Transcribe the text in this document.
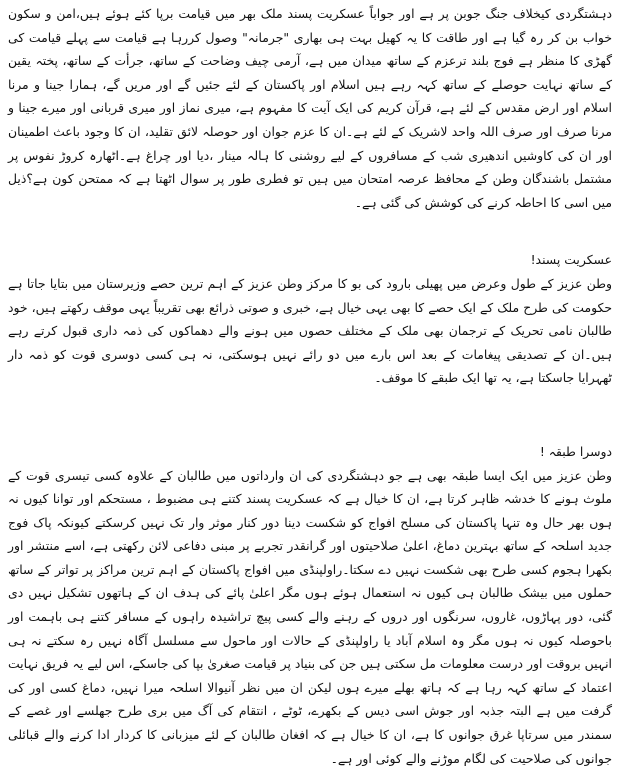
دہشتگردی کیخلاف جنگ جوبن پر ہے اور جواباً عسکریت پسند ملک بھر میں قیامت برپا کئے ہوئے ہیں،امن و سکون خواب بن کر رہ گیا ہے اور طاقت کا یہ کھیل بہت ہی بھاری "جرمانہ" وصول کررہا ہے قیامت سے پہلے قیامت کی گھڑی کا منظر ہے فوج بلند ترعزم کے ساتھ میدان میں ہے، آرمی چیف وضاحت کے ساتھ، جرأت کے ساتھ، پختہ یقین کے ساتھ نہایت حوصلے کے ساتھ کہہ رہے ہیں اسلام اور پاکستان کے لئے جئیں گے اور مریں گے، ہمارا جینا و مرنا اسلام اور ارض مقدس کے لئے ہے، قرآن کریم کی ایک آیت کا مفہوم ہے، میری نماز اور میری قربانی اور میرے جینا و مرنا صرف اور صرف اللہ واحد لاشریک کے لئے ہے۔ان کا عزم جوان اور حوصلہ لائق تقلید، ان کا وجود باعث اطمینان اور ان کی کاوشیں اندھیری شب کے مسافروں کے لیے روشنی کا ہالہ مینار ،دیا اور چراغ ہے۔اٹھارہ کروڑ نفوس پر مشتمل باشندگان وطن کے محافظ عرصہ امتحان میں ہیں تو فطری طور پر سوال اٹھتا ہے کہ ممتحن کون ہے؟ذیل میں اسی کا احاطہ کرنے کی کوشش کی گئی ہے۔

عسکریت پسند!

وطن عزیز کے طول وعرض میں پھیلی بارود کی بو کا مرکز وطن عزیز کے اہم ترین حصے وزیرستان میں بتایا جاتا ہے حکومت کی طرح ملک کے ایک حصے کا بھی یہی خیال ہے، خبری و صوتی ذرائع بھی تقریباً یہی موقف رکھتے ہیں، خود طالبان نامی تحریک کے ترجمان بھی ملک کے مختلف حصوں میں ہونے والے دھماکوں کی ذمہ داری قبول کرتے رہے ہیں۔ان کے تصدیقی پیغامات کے بعد اس بارے میں دو رائے نہیں ہوسکتی، نہ ہی کسی دوسری قوت کو ذمہ دار ٹھہرایا جاسکتا ہے، یہ تھا ایک طبقے کا موقف۔

دوسرا طبقہ !

وطن عزیز میں ایک ایسا طبقہ بھی ہے جو دہشتگردی کی ان وارداتوں میں طالبان کے علاوہ کسی تیسری قوت کے ملوث ہونے کا خدشہ ظاہر کرتا ہے، ان کا خیال ہے کہ عسکریت پسند کتنے ہی مضبوط ، مستحکم اور توانا کیوں نہ ہوں بھر حال وہ تنہا پاکستان کی مسلح افواج کو شکست دینا دور کنار موثر وار تک نہیں کرسکتے کیونکہ پاک فوج جدید اسلحہ کے ساتھ بہترین دماغ، اعلیٰ صلاحیتوں اور گرانقدر تجربے پر مبنی دفاعی لائن رکھتی ہے، اسے منتشر اور بکھرا ہجوم کسی طرح بھی شکست نہیں دے سکتا۔راولپنڈی میں افواج پاکستان کے اہم ترین مراکز پر تواتر کے ساتھ حملوں میں بیشک طالبان ہی کیوں نہ استعمال ہوئے ہوں مگر اعلیٰ پائے کی ہدف ان کے ہاتھوں تشکیل نہیں دی گئی، دور پہاڑوں، غاروں، سرنگوں اور دروں کے رہنے والے کسی پیچ تراشیدہ راہوں کے مسافر کتنے ہی باہمت اور باحوصلہ کیوں نہ ہوں مگر وہ اسلام آباد یا راولپنڈی کے حالات اور ماحول سے مسلسل آگاہ نہیں رہ سکتے نہ ہی انہیں بروقت اور درست معلومات مل سکتی ہیں جن کی بنیاد پر قیامت صغریٰ بپا کی جاسکے، اس لیے یہ فریق نہایت اعتماد کے ساتھ کہہ رہا ہے کہ ہاتھ بھلے میرے ہوں لیکن ان میں نظر آنیوالا اسلحہ میرا نہیں، دماغ کسی اور کی گرفت میں ہے البتہ جذبہ اور جوش اسی دیس کے بکھرے، ٹوٹے ، انتقام کی آگ میں بری طرح جھلسے اور غصے کے سمندر میں سرتاپا غرق جوانوں کا ہے، ان کا خیال ہے کہ افغان طالبان کے لئے میزبانی کا کردار ادا کرنے والے قبائلی جوانوں کی صلاحیت کی لگام موڑنے والے کوئی اور ہے۔
